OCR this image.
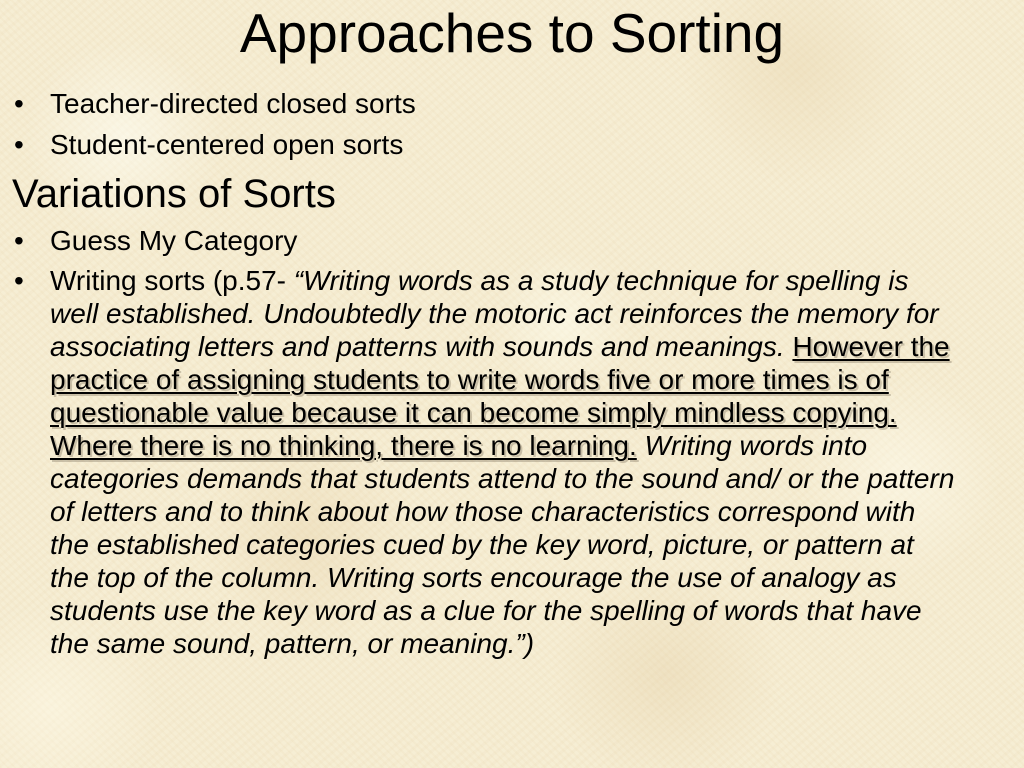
Approaches to Sorting
• Teacher-directed closed sorts
• Student-centered open sorts
Variations of Sorts
• Guess My Category
• Writing sorts (p.57- “Writing words as a study technique for spelling is well established. Undoubtedly the motoric act reinforces the memory for associating letters and patterns with sounds and meanings. However the practice of assigning students to write words five or more times is of questionable value because it can become simply mindless copying. Where there is no thinking, there is no learning. Writing words into categories demands that students attend to the sound and/ or the pattern of letters and to think about how those characteristics correspond with the established categories cued by the key word, picture, or pattern at the top of the column. Writing sorts encourage the use of analogy as students use the key word as a clue for the spelling of words that have the same sound, pattern, or meaning.”)
